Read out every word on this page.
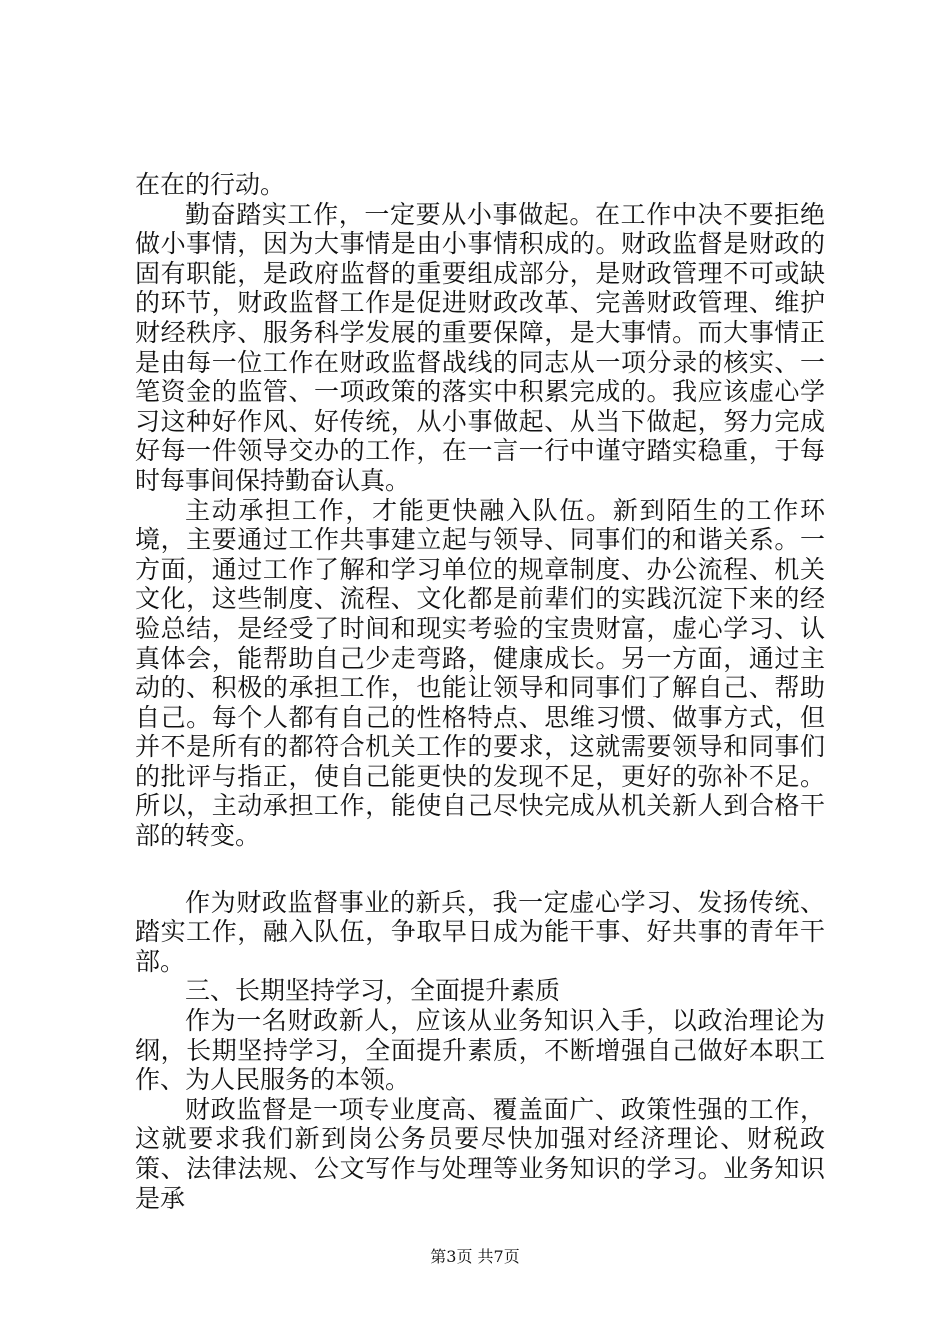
在在的行动。

勤奋踏实工作，一定要从小事做起。在工作中决不要拒绝做小事情，因为大事情是由小事情积成的。财政监督是财政的固有职能，是政府监督的重要组成部分，是财政管理不可或缺的环节，财政监督工作是促进财政改革、完善财政管理、维护财经秩序、服务科学发展的重要保障，是大事情。而大事情正是由每一位工作在财政监督战线的同志从一项分录的核实、一笔资金的监管、一项政策的落实中积累完成的。我应该虚心学习这种好作风、好传统，从小事做起、从当下做起，努力完成好每一件领导交办的工作，在一言一行中谨守踏实稳重，于每时每事间保持勤奋认真。

主动承担工作，才能更快融入队伍。新到陌生的工作环境，主要通过工作共事建立起与领导、同事们的和谐关系。一方面，通过工作了解和学习单位的规章制度、办公流程、机关文化，这些制度、流程、文化都是前辈们的实践沉淀下来的经验总结，是经受了时间和现实考验的宝贵财富，虚心学习、认真体会，能帮助自己少走弯路，健康成长。另一方面，通过主动的、积极的承担工作，也能让领导和同事们了解自己、帮助自己。每个人都有自己的性格特点、思维习惯、做事方式，但并不是所有的都符合机关工作的要求，这就需要领导和同事们的批评与指正，使自己能更快的发现不足，更好的弥补不足。所以，主动承担工作，能使自己尽快完成从机关新人到合格干部的转变。

作为财政监督事业的新兵，我一定虚心学习、发扬传统、踏实工作，融入队伍，争取早日成为能干事、好共事的青年干部。

三、长期坚持学习，全面提升素质

作为一名财政新人，应该从业务知识入手，以政治理论为纲，长期坚持学习，全面提升素质，不断增强自己做好本职工作、为人民服务的本领。

财政监督是一项专业度高、覆盖面广、政策性强的工作，这就要求我们新到岗公务员要尽快加强对经济理论、财税政策、法律法规、公文写作与处理等业务知识的学习。业务知识是承

第3页 共7页
